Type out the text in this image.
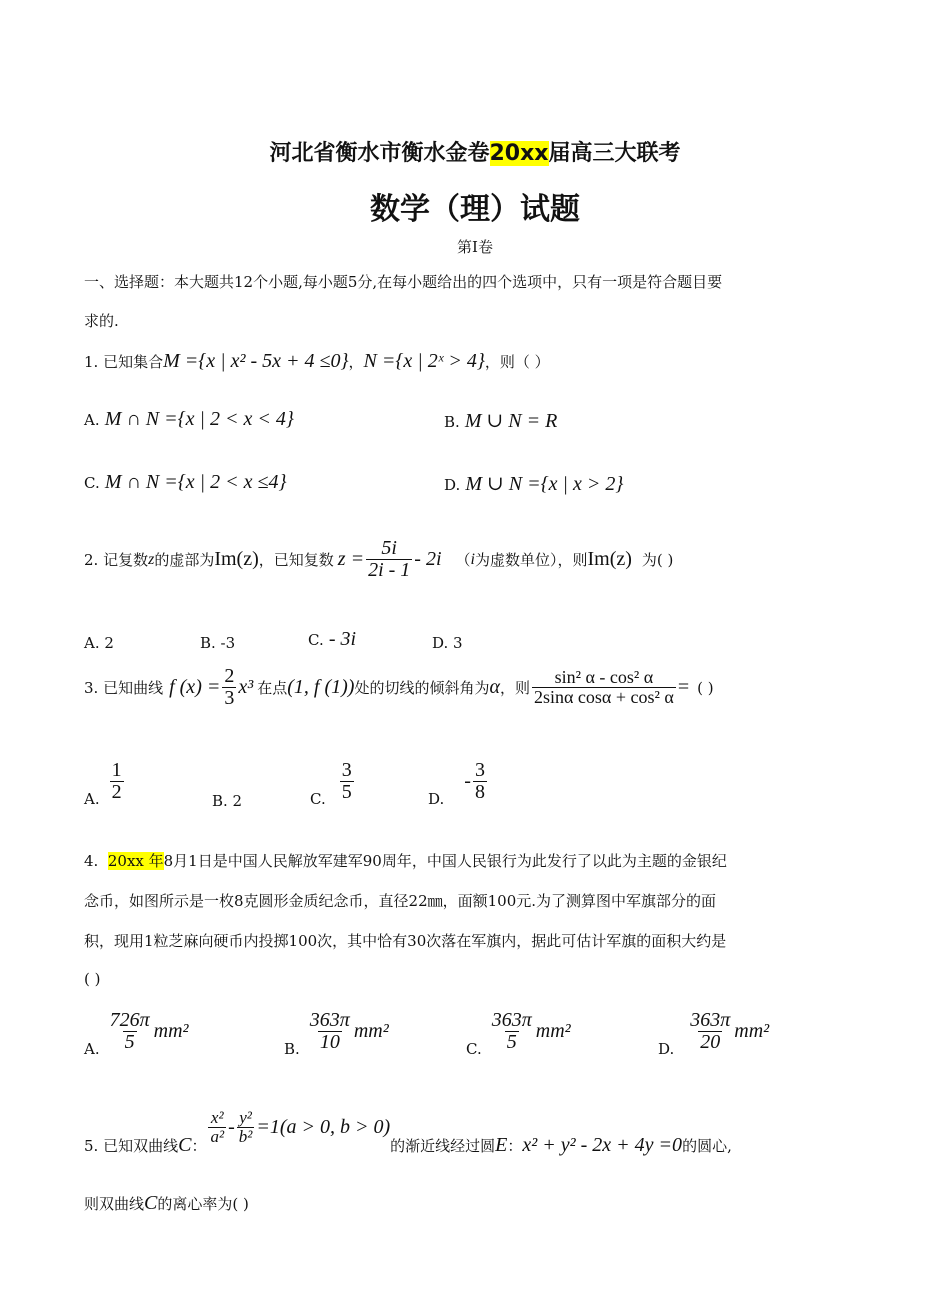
河北省衡水市衡水金卷20xx届高三大联考
数学（理）试题
第Ⅰ卷
一、选择题：本大题共12个小题,每小题5分,在每小题给出的四个选项中，只有一项是符合题目要
求的.
1. 已知集合M ={x | x² - 5x + 4 ≤0}，N ={x | 2ˣ > 4}，则（ ）
A. M ∩ N ={x | 2 < x < 4}	B. M ∪ N = R
C. M ∩ N ={x | 2 < x ≤4}	D. M ∪ N ={x | x > 2}
2. 记复数 z 的虚部为 Im(z) ，已知复数 $z = \frac{5i}{2i - 1} - 2i$ （ i 为虚数单位），则 Im(z) 为( )
A. 2	B. -3	C. - 3i	D. 3
3. 已知曲线 f $(x) = \frac{2}{3} x^3$ 在点 (1, f (1)) 处的切线的倾斜角为 α ，则 $\frac{\text{sin² α - cos² α}}{\text{2sinα cosα + cos² α}}$ = ( )
A. $\frac{1}{2}$	B. 2	C. $\frac{3}{5}$	D.
- $\frac{3}{8}$
4. 20xx 年8月1日是中国人民解放军建军90周年，中国人民银行为此发行了以此为主题的金银纪
念币，如图所示是一枚8克圆形金质纪念币，直径22㎜，面额100元.为了测算图中军旗部分的面
积，现用1粒芝麻向硬币内投掷100次，其中恰有30次落在军旗内，据此可估计军旗的面积大约是
( )
A. $\frac{726\pi}{5} mm^2$
B. $\frac{363\pi}{10} mm^2$
C. $\frac{363\pi}{5} mm^2$
D. $\frac{363\pi}{20} mm^2$
5. 已知双曲线 C ：
$\frac{\text{x²}}{\text{a²}} - \frac{\text{y²}}{\text{b²}} =1(a > 0$, b > 0)
的渐近线经过圆 E ： x² + y² - 2x + 4y =0 的圆心,
则双曲线C的离心率为( )
